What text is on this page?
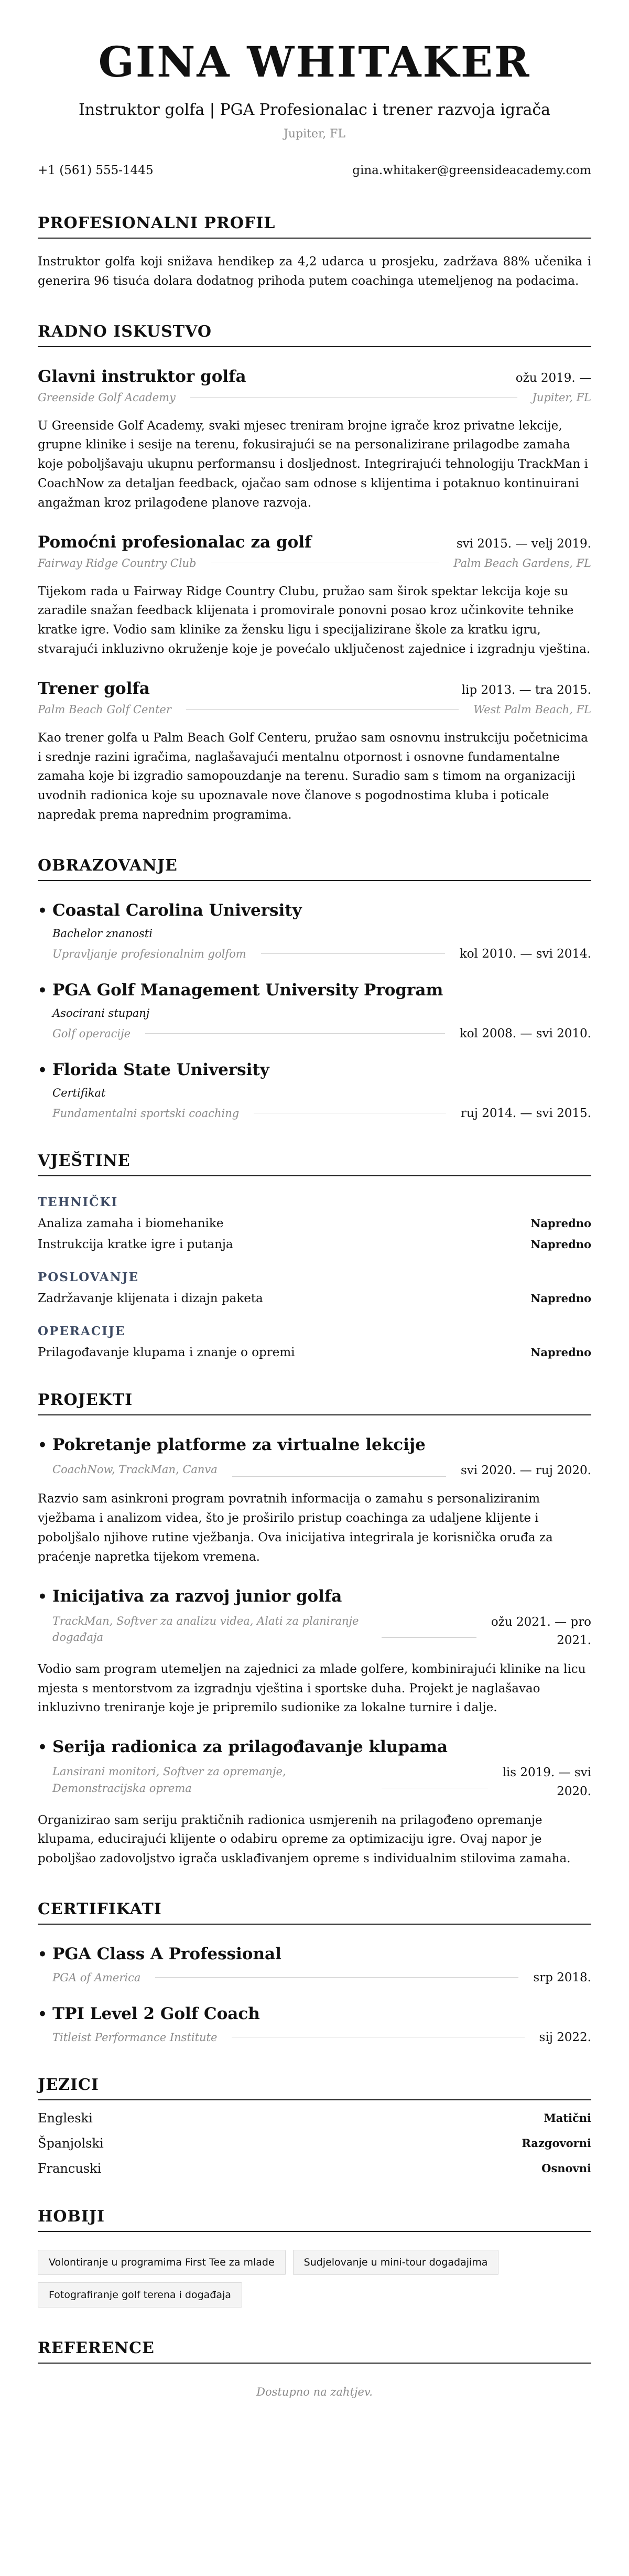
GINA WHITAKER
Instruktor golfa | PGA Profesionalac i trener razvoja igrača
Jupiter, FL
+1 (561) 555-1445	gina.whitaker@greensideacademy.com
PROFESIONALNI PROFIL

Instruktor golfa koji snižava hendikep za 4,2 udarca u prosjeku, zadržava 88% učenika i generira 96 tisuća dolara dodatnog prihoda putem coachinga utemeljenog na podacima.

RADNO ISKUSTVO
Glavni instruktor golfa	ožu 2019. —
Greenside Golf Academy	Jupiter, FL

U Greenside Golf Academy, svaki mjesec treniram brojne igrače kroz privatne lekcije, grupne klinike i sesije na terenu, fokusirajući se na personalizirane prilagodbe zamaha koje poboljšavaju ukupnu performansu i dosljednost. Integrirajući tehnologiju TrackMan i CoachNow za detaljan feedback, ojačao sam odnose s klijentima i potaknuo kontinuirani angažman kroz prilagođene planove razvoja.

Pomoćni profesionalac za golf	svi 2015. — velj 2019.
Fairway Ridge Country Club	Palm Beach Gardens, FL

Tijekom rada u Fairway Ridge Country Clubu, pružao sam širok spektar lekcija koje su zaradile snažan feedback klijenata i promovirale ponovni posao kroz učinkovite tehnike kratke igre. Vodio sam klinike za žensku ligu i specijalizirane škole za kratku igru, stvarajući inkluzivno okruženje koje je povećalo uključenost zajednice i izgradnju vještina.

Trener golfa	lip 2013. — tra 2015.
Palm Beach Golf Center	West Palm Beach, FL

Kao trener golfa u Palm Beach Golf Centeru, pružao sam osnovnu instrukciju početnicima i srednje razini igračima, naglašavajući mentalnu otpornost i osnovne fundamentalne zamaha koje bi izgradio samopouzdanje na terenu. Suradio sam s timom na organizaciji uvodnih radionica koje su upoznavale nove članove s pogodnostima kluba i poticale napredak prema naprednim programima.

OBRAZOVANJE
• Coastal Carolina University
Bachelor znanosti
Upravljanje profesionalnim golfom	kol 2010. — svi 2014.
• PGA Golf Management University Program
Asocirani stupanj
Golf operacije	kol 2008. — svi 2010.
• Florida State University
Certifikat
Fundamentalni sportski coaching	ruj 2014. — svi 2015.
VJEŠTINE
TEHNIČKI
Analiza zamaha i biomehanike	Napredno
Instrukcija kratke igre i putanja	Napredno
POSLOVANJE
Zadržavanje klijenata i dizajn paketa	Napredno
OPERACIJE
Prilagođavanje klupama i znanje o opremi	Napredno
PROJEKTI
• Pokretanje platforme za virtualne lekcije
CoachNow, TrackMan, Canva	svi 2020. — ruj 2020.

Razvio sam asinkroni program povratnih informacija o zamahu s personaliziranim vježbama i analizom videa, što je proširilo pristup coachinga za udaljene klijente i poboljšalo njihove rutine vježbanja. Ova inicijativa integrirala je korisnička oruđa za praćenje napretka tijekom vremena.

• Inicijativa za razvoj junior golfa
TrackMan, Softver za analizu videa, Alati za planiranje događaja
ožu 2021. — pro
2021.

Vodio sam program utemeljen na zajednici za mlade golfere, kombinirajući klinike na licu mjesta s mentorstvom za izgradnju vještina i sportske duha. Projekt je naglašavao inkluzivno treniranje koje je pripremilo sudionike za lokalne turnire i dalje.

• Serija radionica za prilagođavanje klupama
Lansirani monitori, Softver za opremanje, Demonstracijska oprema
lis 2019. — svi
2020.

Organizirao sam seriju praktičnih radionica usmjerenih na prilagođeno opremanje klupama, educirajući klijente o odabiru opreme za optimizaciju igre. Ovaj napor je poboljšao zadovoljstvo igrača usklađivanjem opreme s individualnim stilovima zamaha.

CERTIFIKATI
• PGA Class A Professional
PGA of America	srp 2018.
• TPI Level 2 Golf Coach
Titleist Performance Institute	sij 2022.
JEZICI
Engleski	Matični
Španjolski	Razgovorni
Francuski	Osnovni
HOBIJI
Volontiranje u programima First Tee za mlade	Sudjelovanje u mini-tour događajima
Fotografiranje golf terena i događaja
REFERENCE
Dostupno na zahtjev.
